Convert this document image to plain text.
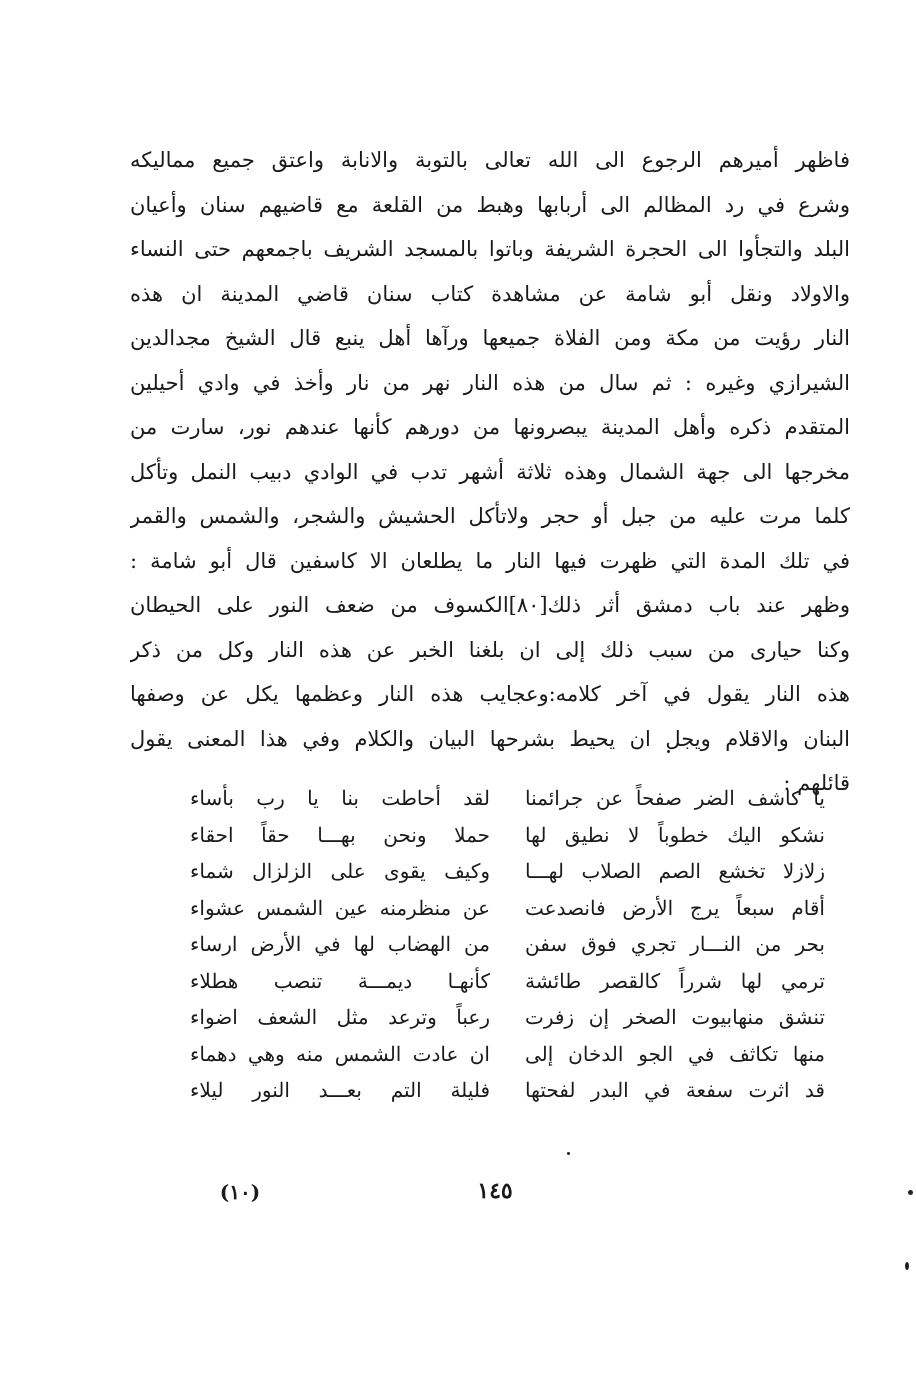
فاظهر أميرهم الرجوع الى الله تعالى بالتوبة والانابة واعتق جميع مماليكه
وشرع في رد المظالم الى أربابها وهبط من القلعة مع قاضيهم سنان وأعيان
البلد والتجأوا الى الحجرة الشريفة وباتوا بالمسجد الشريف باجمعهم حتى النساء
والاولاد ونقل أبو شامة عن مشاهدة كتاب سنان قاضي المدينة ان هذه
النار رؤيت من مكة ومن الفلاة جميعها ورآها أهل ينبع قال الشيخ مجدالدين
الشيرازي وغيره : ثم سال من هذه النار نهر من نار وأخذ في وادي أحيلين
المتقدم ذكره وأهل المدينة يبصرونها من دورهم كأنها عندهم نور، سارت من
مخرجها الى جهة الشمال وهذه ثلاثة أشهر تدب في الوادي دبيب النمل وتأكل
كلما مرت عليه من جبل أو حجر ولاتأكل الحشيش والشجر، والشمس والقمر
في تلك المدة التي ظهرت فيها النار ما يطلعان الا كاسفين قال أبو شامة :
وظهر عند باب دمشق أثر ذلك[٨٠]الكسوف من ضعف النور على الحيطان
وكنا حيارى من سبب ذلك إلى ان بلغنا الخبر عن هذه النار وكل من ذكر
هذه النار يقول في آخر كلامه:وعجايب هذه النار وعظمها يكل عن وصفها
البنان والاقلام ويجل ان يحيط بشرحها البيان والكلام وفي هذا المعنى يقول
قائلهم :
يا كاشف الضر صفحاً عن جرائمنا
لقد أحاطت بنا يا رب بأساء
نشكو اليك خطوباً لا نطيق لها
حملا ونحن بهـــا حقاً احقاء
زلازلا تخشع الصم الصلاب لهـــا
وكيف يقوى على الزلزال شماء
أقام سبعاً يرج الأرض فانصدعت
عن منظرمنه عين الشمس عشواء
بحر من النـــار تجري فوق سفن
من الهضاب لها في الأرض ارساء
ترمي لها شرراً كالقصر طائشة
كأنهـا ديمـــة تنصب هطلاء
تنشق منهابيوت الصخر إن زفرت
رعباً وترعد مثل الشعف اضواء
منها تكاثف في الجو الدخان إلى
ان عادت الشمس منه وهي دهماء
قد اثرت سفعة في البدر لفحتها
فليلة التم بعـــد النور ليلاء
١٤٥
(١٠)
